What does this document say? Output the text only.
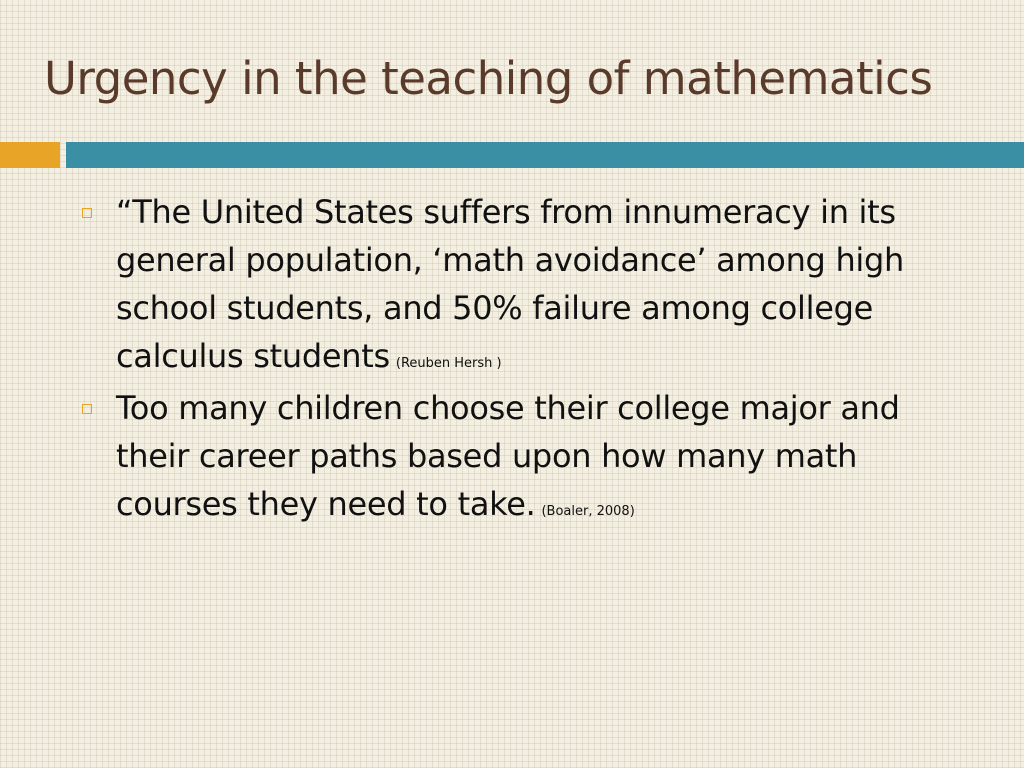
Urgency in the teaching of mathematics
“The United States suffers from innumeracy in its general population, ‘math avoidance’ among high school students, and 50% failure among college calculus students (Reuben Hersh )
Too many children choose their college major and their career paths based upon how many math courses they need to take. (Boaler, 2008)
